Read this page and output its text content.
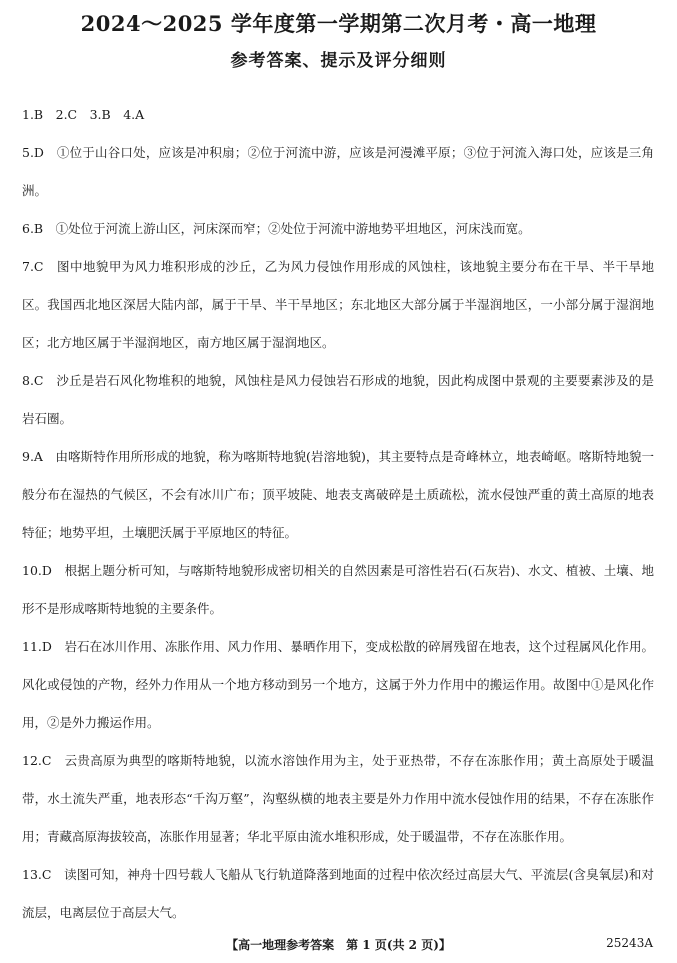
2024～2025 学年度第一学期第二次月考・高一地理
参考答案、提示及评分细则
1.B　2.C　3.B　4.A
5.D　①位于山谷口处，应该是冲积扇；②位于河流中游，应该是河漫滩平原；③位于河流入海口处，应该是三角洲。
6.B　①处位于河流上游山区，河床深而窄；②处位于河流中游地势平坦地区，河床浅而宽。
7.C　图中地貌甲为风力堆积形成的沙丘，乙为风力侵蚀作用形成的风蚀柱，该地貌主要分布在干旱、半干旱地区。我国西北地区深居大陆内部，属于干旱、半干旱地区；东北地区大部分属于半湿润地区，一小部分属于湿润地区；北方地区属于半湿润地区，南方地区属于湿润地区。
8.C　沙丘是岩石风化物堆积的地貌，风蚀柱是风力侵蚀岩石形成的地貌，因此构成图中景观的主要要素涉及的是岩石圈。
9.A　由喀斯特作用所形成的地貌，称为喀斯特地貌(岩溶地貌)，其主要特点是奇峰林立，地表崎岖。喀斯特地貌一般分布在湿热的气候区，不会有冰川广布；顶平坡陡、地表支离破碎是土质疏松，流水侵蚀严重的黄土高原的地表特征；地势平坦，土壤肥沃属于平原地区的特征。
10.D　根据上题分析可知，与喀斯特地貌形成密切相关的自然因素是可溶性岩石(石灰岩)、水文、植被、土壤、地形不是形成喀斯特地貌的主要条件。
11.D　岩石在冰川作用、冻胀作用、风力作用、暴晒作用下，变成松散的碎屑残留在地表，这个过程属风化作用。风化或侵蚀的产物，经外力作用从一个地方移动到另一个地方，这属于外力作用中的搬运作用。故图中①是风化作用，②是外力搬运作用。
12.C　云贵高原为典型的喀斯特地貌，以流水溶蚀作用为主，处于亚热带，不存在冻胀作用；黄土高原处于暖温带，水土流失严重，地表形态“千沟万壑”，沟壑纵横的地表主要是外力作用中流水侵蚀作用的结果，不存在冻胀作用；青藏高原海拔较高，冻胀作用显著；华北平原由流水堆积形成，处于暖温带，不存在冻胀作用。
13.C　读图可知，神舟十四号载人飞船从飞行轨道降落到地面的过程中依次经过高层大气、平流层(含臭氧层)和对流层，电离层位于高层大气。
【高一地理参考答案　第 1 页(共 2 页)】	25243A
